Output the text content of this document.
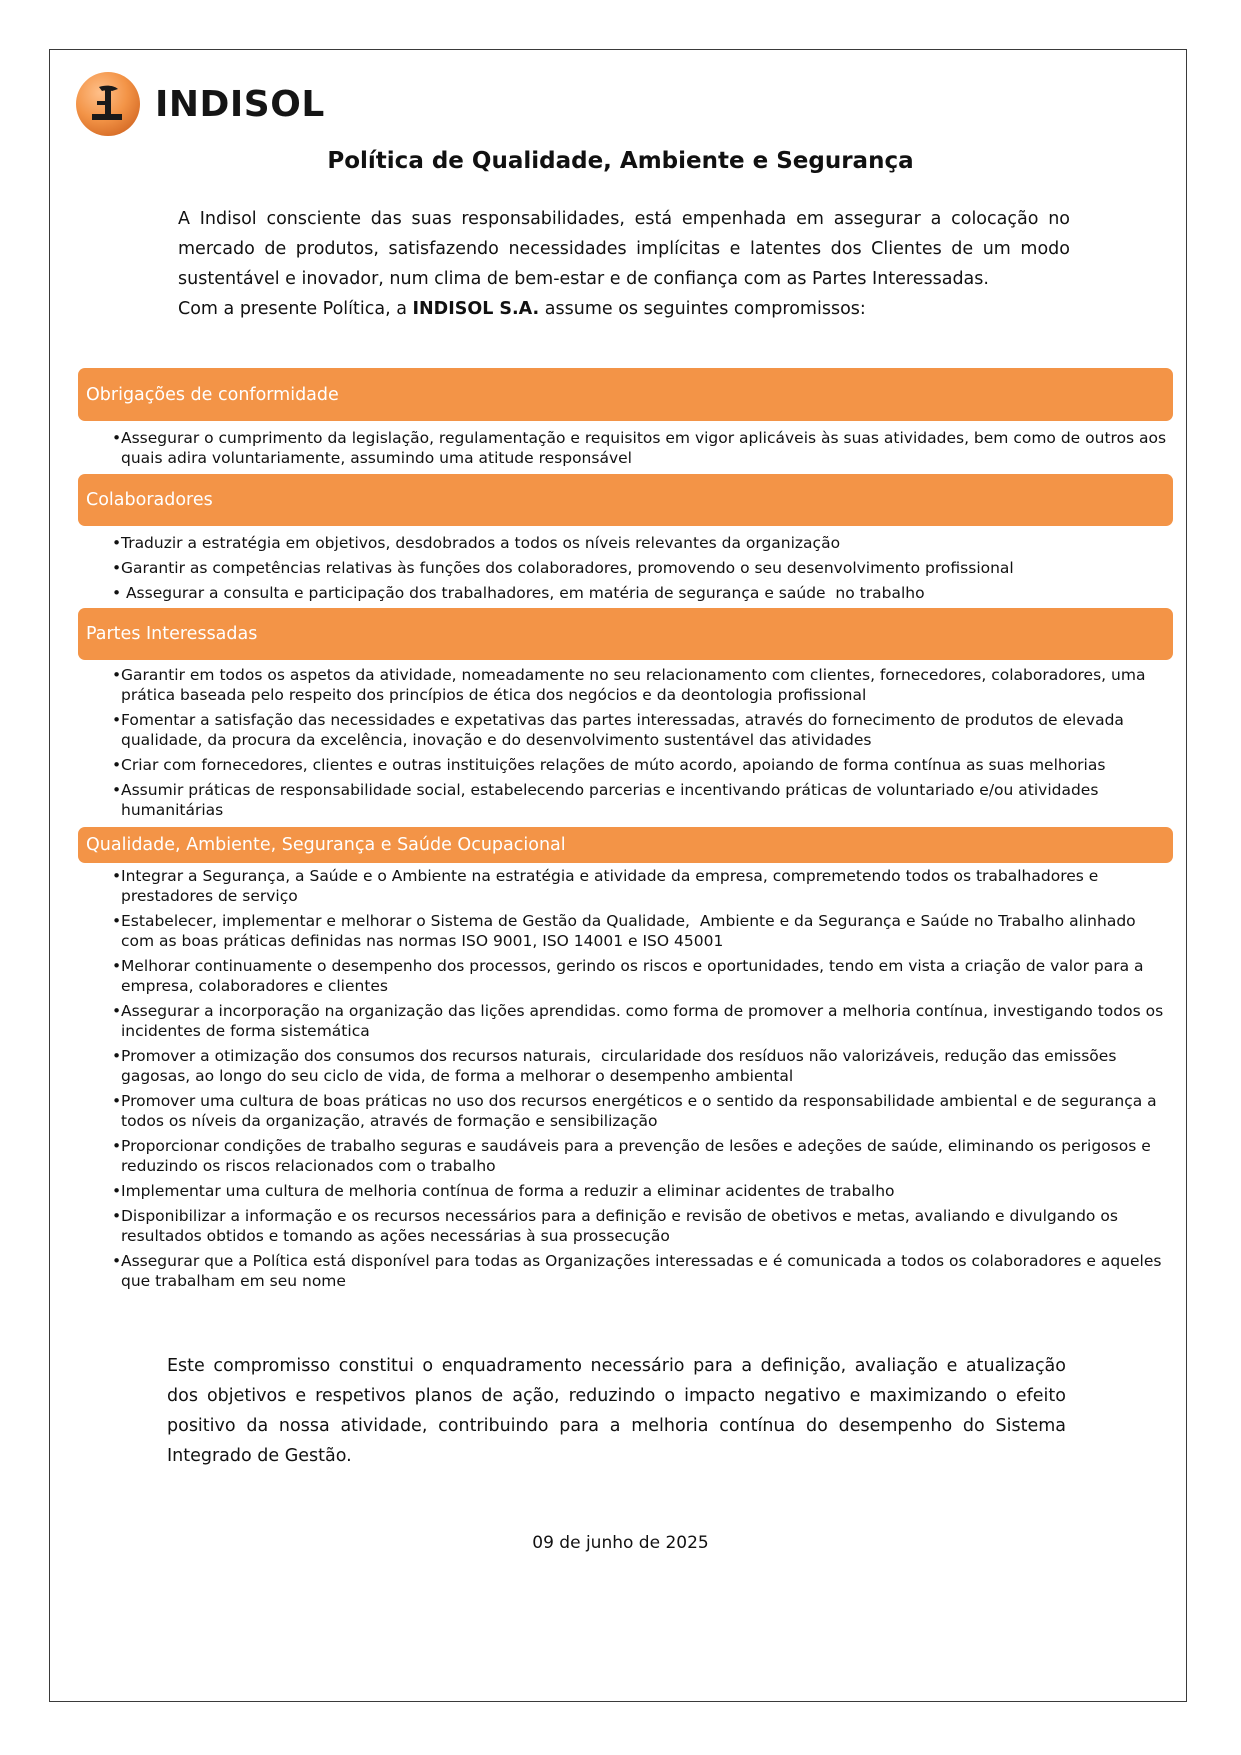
INDISOL
Política de Qualidade, Ambiente e Segurança

A Indisol consciente das suas responsabilidades, está empenhada em assegurar a colocação no mercado de produtos, satisfazendo necessidades implícitas e latentes dos Clientes de um modo sustentável e inovador, num clima de bem-estar e de confiança com as Partes Interessadas.

Com a presente Política, a INDISOL S.A. assume os seguintes compromissos:

Obrigações de conformidade
• Assegurar o cumprimento da legislação, regulamentação e requisitos em vigor aplicáveis às suas atividades, bem como de outros aos quais adira voluntariamente, assumindo uma atitude responsável
Colaboradores
• Traduzir a estratégia em objetivos, desdobrados a todos os níveis relevantes da organização
• Garantir as competências relativas às funções dos colaboradores, promovendo o seu desenvolvimento profissional
• Assegurar a consulta e participação dos trabalhadores, em matéria de segurança e saúde  no trabalho
Partes Interessadas
• Garantir em todos os aspetos da atividade, nomeadamente no seu relacionamento com clientes, fornecedores, colaboradores, uma prática baseada pelo respeito dos princípios de ética dos negócios e da deontologia profissional
• Fomentar a satisfação das necessidades e expetativas das partes interessadas, através do fornecimento de produtos de elevada qualidade, da procura da excelência, inovação e do desenvolvimento sustentável das atividades
• Criar com fornecedores, clientes e outras instituições relações de múto acordo, apoiando de forma contínua as suas melhorias
• Assumir práticas de responsabilidade social, estabelecendo parcerias e incentivando práticas de voluntariado e/ou atividades humanitárias
Qualidade, Ambiente, Segurança e Saúde Ocupacional
• Integrar a Segurança, a Saúde e o Ambiente na estratégia e atividade da empresa, compremetendo todos os trabalhadores e prestadores de serviço
• Estabelecer, implementar e melhorar o Sistema de Gestão da Qualidade,  Ambiente e da Segurança e Saúde no Trabalho alinhado com as boas práticas definidas nas normas ISO 9001, ISO 14001 e ISO 45001
• Melhorar continuamente o desempenho dos processos, gerindo os riscos e oportunidades, tendo em vista a criação de valor para a empresa, colaboradores e clientes
• Assegurar a incorporação na organização das lições aprendidas. como forma de promover a melhoria contínua, investigando todos os incidentes de forma sistemática
• Promover a otimização dos consumos dos recursos naturais,  circularidade dos resíduos não valorizáveis, redução das emissões gagosas, ao longo do seu ciclo de vida, de forma a melhorar o desempenho ambiental
• Promover uma cultura de boas práticas no uso dos recursos energéticos e o sentido da responsabilidade ambiental e de segurança a todos os níveis da organização, através de formação e sensibilização
• Proporcionar condições de trabalho seguras e saudáveis para a prevenção de lesões e adeções de saúde, eliminando os perigosos e reduzindo os riscos relacionados com o trabalho
• Implementar uma cultura de melhoria contínua de forma a reduzir a eliminar acidentes de trabalho
• Disponibilizar a informação e os recursos necessários para a definição e revisão de obetivos e metas, avaliando e divulgando os resultados obtidos e tomando as ações necessárias à sua prossecução
• Assegurar que a Política está disponível para todas as Organizações interessadas e é comunicada a todos os colaboradores e aqueles que trabalham em seu nome
Este compromisso constitui o enquadramento necessário para a definição, avaliação e atualização dos objetivos e respetivos planos de ação, reduzindo o impacto negativo e maximizando o efeito positivo da nossa atividade, contribuindo para a melhoria contínua do desempenho do Sistema Integrado de Gestão.
09 de junho de 2025
